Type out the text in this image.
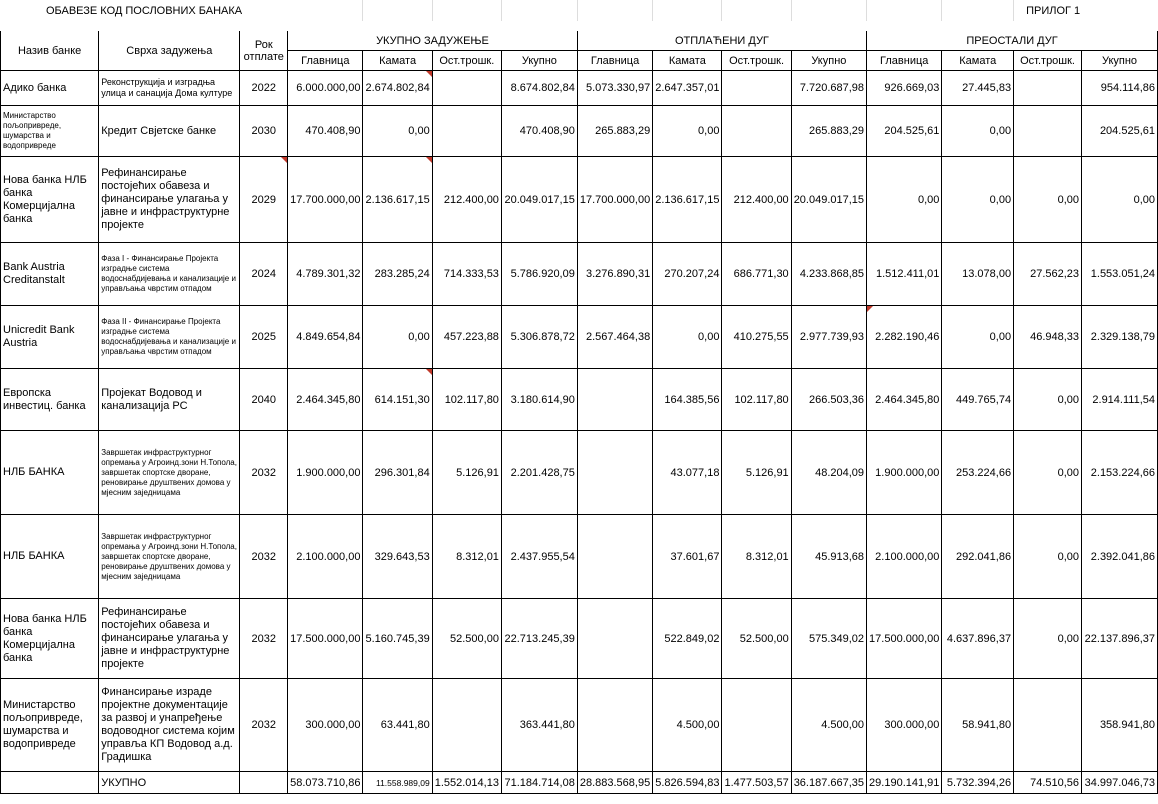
ОБАВЕЗЕ КОД ПОСЛОВНИХ БАНАКА													ПРИЛОГ 1	

Назив банке	Сврха задужења	Рок отплате	УКУПНО ЗАДУЖЕЊЕ				ОТПЛАЋЕНИ ДУГ				ПРЕОСТАЛИ ДУГ			
			Главница	Камата	Ост.трошк.	Укупно	Главница	Камата	Ост.трошк.	Укупно	Главница	Камата	Ост.трошк.	Укупно
Адико банка	Реконструкција и изградња улица и санација Дома културе	2022	6.000.000,00	2.674.802,84		8.674.802,84	5.073.330,97	2.647.357,01		7.720.687,98	926.669,03	27.445,83		954.114,86
Министарство пољопривреде, шумарства и водопривреде	Кредит Свјетске банке	2030	470.408,90	0,00		470.408,90	265.883,29	0,00		265.883,29	204.525,61	0,00		204.525,61
Нова банка НЛБ банка Комерцијална банка	Рефинансирање постојећих обавеза и финансирање улагања у јавне и инфраструктурне пројекте	2029	17.700.000,00	2.136.617,15	212.400,00	20.049.017,15	17.700.000,00	2.136.617,15	212.400,00	20.049.017,15	0,00	0,00	0,00	0,00
Bank Austria Creditanstalt	Фаза I - Финансирање Пројекта изградње система водоснабдијевања и канализације и управљања чврстим отпадом	2024	4.789.301,32	283.285,24	714.333,53	5.786.920,09	3.276.890,31	270.207,24	686.771,30	4.233.868,85	1.512.411,01	13.078,00	27.562,23	1.553.051,24
Unicredit Bank Austria	Фаза II - Финансирање Пројекта изградње система водоснабдијевања и канализације и управљања чврстим отпадом	2025	4.849.654,84	0,00	457.223,88	5.306.878,72	2.567.464,38	0,00	410.275,55	2.977.739,93	2.282.190,46	0,00	46.948,33	2.329.138,79
Европска инвестиц. банка	Пројекат Водовод и канализација РС	2040	2.464.345,80	614.151,30	102.117,80	3.180.614,90		164.385,56	102.117,80	266.503,36	2.464.345,80	449.765,74	0,00	2.914.111,54
НЛБ БАНКА	Завршетак инфраструктурног опремања у Агроинд.зони Н.Топола, завршетак спортске дворане, реновирање друштвених домова у мјесним заједницама	2032	1.900.000,00	296.301,84	5.126,91	2.201.428,75		43.077,18	5.126,91	48.204,09	1.900.000,00	253.224,66	0,00	2.153.224,66
НЛБ БАНКА	Завршетак инфраструктурног опремања у Агроинд.зони Н.Топола, завршетак спортске дворане, реновирање друштвених домова у мјесним заједницама	2032	2.100.000,00	329.643,53	8.312,01	2.437.955,54		37.601,67	8.312,01	45.913,68	2.100.000,00	292.041,86	0,00	2.392.041,86
Нова банка НЛБ банка Комерцијална банка	Рефинансирање постојећих обавеза и финансирање улагања у јавне и инфраструктурне пројекте	2032	17.500.000,00	5.160.745,39	52.500,00	22.713.245,39		522.849,02	52.500,00	575.349,02	17.500.000,00	4.637.896,37	0,00	22.137.896,37
Министарство пољопривреде, шумарства и водопривреде	Финансирање израде пројектне документације за развој и унапређење водоводног система којим управља КП Водовод а.д. Градишка	2032	300.000,00	63.441,80		363.441,80		4.500,00		4.500,00	300.000,00	58.941,80		358.941,80
	УКУПНО		58.073.710,86	11.558.989,09	1.552.014,13	71.184.714,08	28.883.568,95	5.826.594,83	1.477.503,57	36.187.667,35	29.190.141,91	5.732.394,26	74.510,56	34.997.046,73
